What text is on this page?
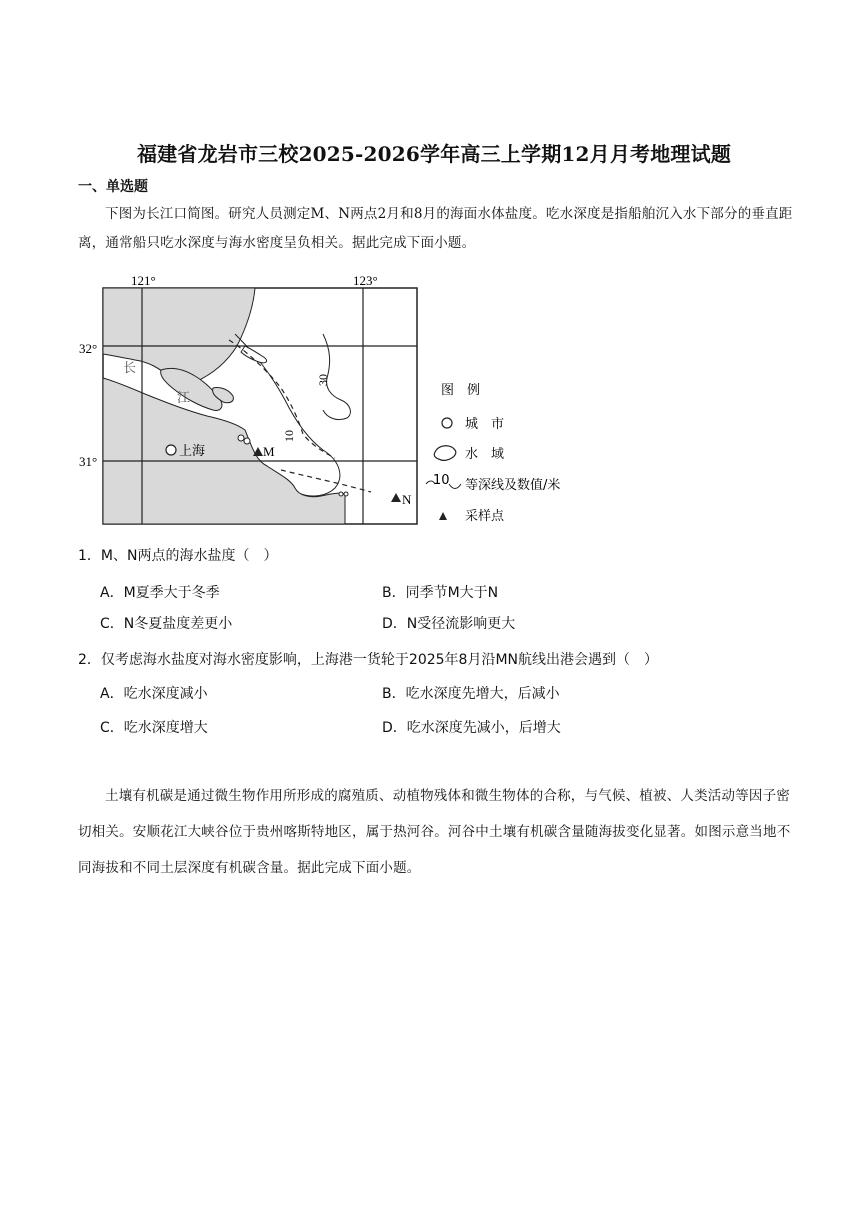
福建省龙岩市三校2025-2026学年高三上学期12月月考地理试题
一、单选题
下图为长江口简图。研究人员测定M、N两点2月和8月的海面水体盐度。吃水深度是指船舶沉入水下部分的垂直距离，通常船只吃水深度与海水密度呈负相关。据此完成下面小题。
121°	123°
32°
31°
长
江
上海	M
N
10
30
图　例
城　市
水　域
10 等深线及数值/米
采样点
1．M、N两点的海水盐度（　）
A．M夏季大于冬季	B．同季节M大于N
C．N冬夏盐度差更小	D．N受径流影响更大
2．仅考虑海水盐度对海水密度影响，上海港一货轮于2025年8月沿MN航线出港会遇到（　）
A．吃水深度减小	B．吃水深度先增大，后减小
C．吃水深度增大	D．吃水深度先减小，后增大
土壤有机碳是通过微生物作用所形成的腐殖质、动植物残体和微生物体的合称，与气候、植被、人类活动等因子密切相关。安顺花江大峡谷位于贵州喀斯特地区，属于热河谷。河谷中土壤有机碳含量随海拔变化显著。如图示意当地不同海拔和不同土层深度有机碳含量。据此完成下面小题。
